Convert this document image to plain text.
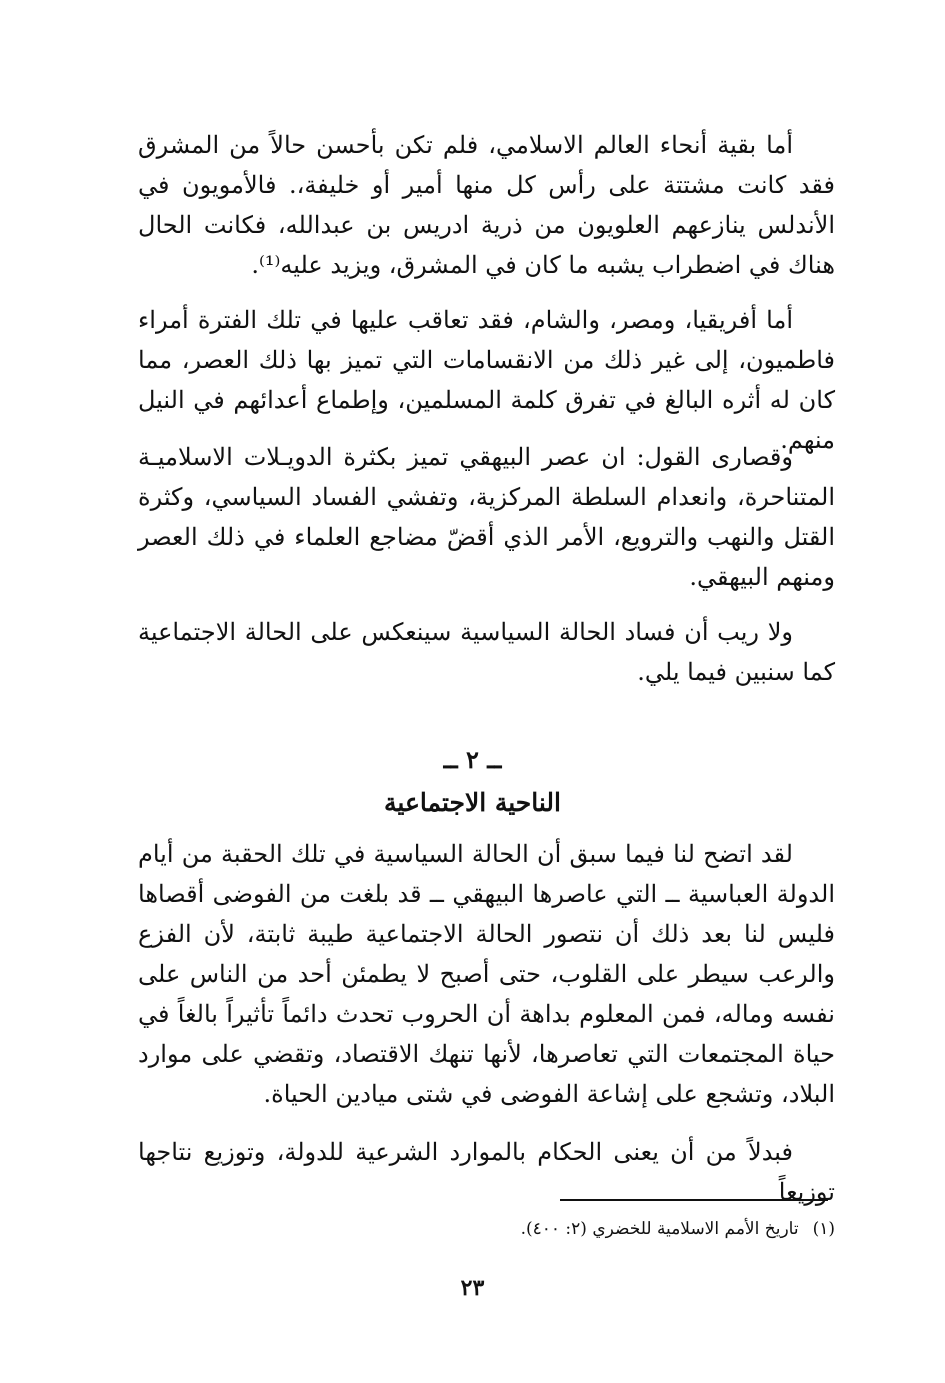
أما بقية أنحاء العالم الاسلامي، فلم تكن بأحسن حالاً من المشرق فقد كانت مشتتة على رأس كل منها أمير أو خليفة،. فالأمويون في الأندلس ينازعهم العلويون من ذرية ادريس بن عبدالله، فكانت الحال هناك في اضطراب يشبه ما كان في المشرق، ويزيد عليه⁽¹⁾.

أما أفريقيا، ومصر، والشام، فقد تعاقب عليها في تلك الفترة أمراء فاطميون، إلى غير ذلك من الانقسامات التي تميز بها ذلك العصر، مما كان له أثره البالغ في تفرق كلمة المسلمين، وإطماع أعدائهم في النيل منهم.

وقصارى القول: ان عصر البيهقي تميز بكثرة الدويـلات الاسلاميـة المتناحرة، وانعدام السلطة المركزية، وتفشي الفساد السياسي، وكثرة القتل والنهب والترويع، الأمر الذي أقضّ مضاجع العلماء في ذلك العصر ومنهم البيهقي.

ولا ريب أن فساد الحالة السياسية سينعكس على الحالة الاجتماعية كما سنبين فيما يلي.

ــ ٢ ــ
الناحية الاجتماعية

لقد اتضح لنا فيما سبق أن الحالة السياسية في تلك الحقبة من أيام الدولة العباسية ــ التي عاصرها البيهقي ــ قد بلغت من الفوضى أقصاها فليس لنا بعد ذلك أن نتصور الحالة الاجتماعية طيبة ثابتة، لأن الفزع والرعب سيطر على القلوب، حتى أصبح لا يطمئن أحد من الناس على نفسه وماله، فمن المعلوم بداهة أن الحروب تحدث دائماً تأثيراً بالغاً في حياة المجتمعات التي تعاصرها، لأنها تنهك الاقتصاد، وتقضي على موارد البلاد، وتشجع على إشاعة الفوضى في شتى ميادين الحياة.

فبدلاً من أن يعنى الحكام بالموارد الشرعية للدولة، وتوزيع نتاجها توزيعاً

(١)تاريخ الأمم الاسلامية للخضري (٢: ٤٠٠).
٢٣
